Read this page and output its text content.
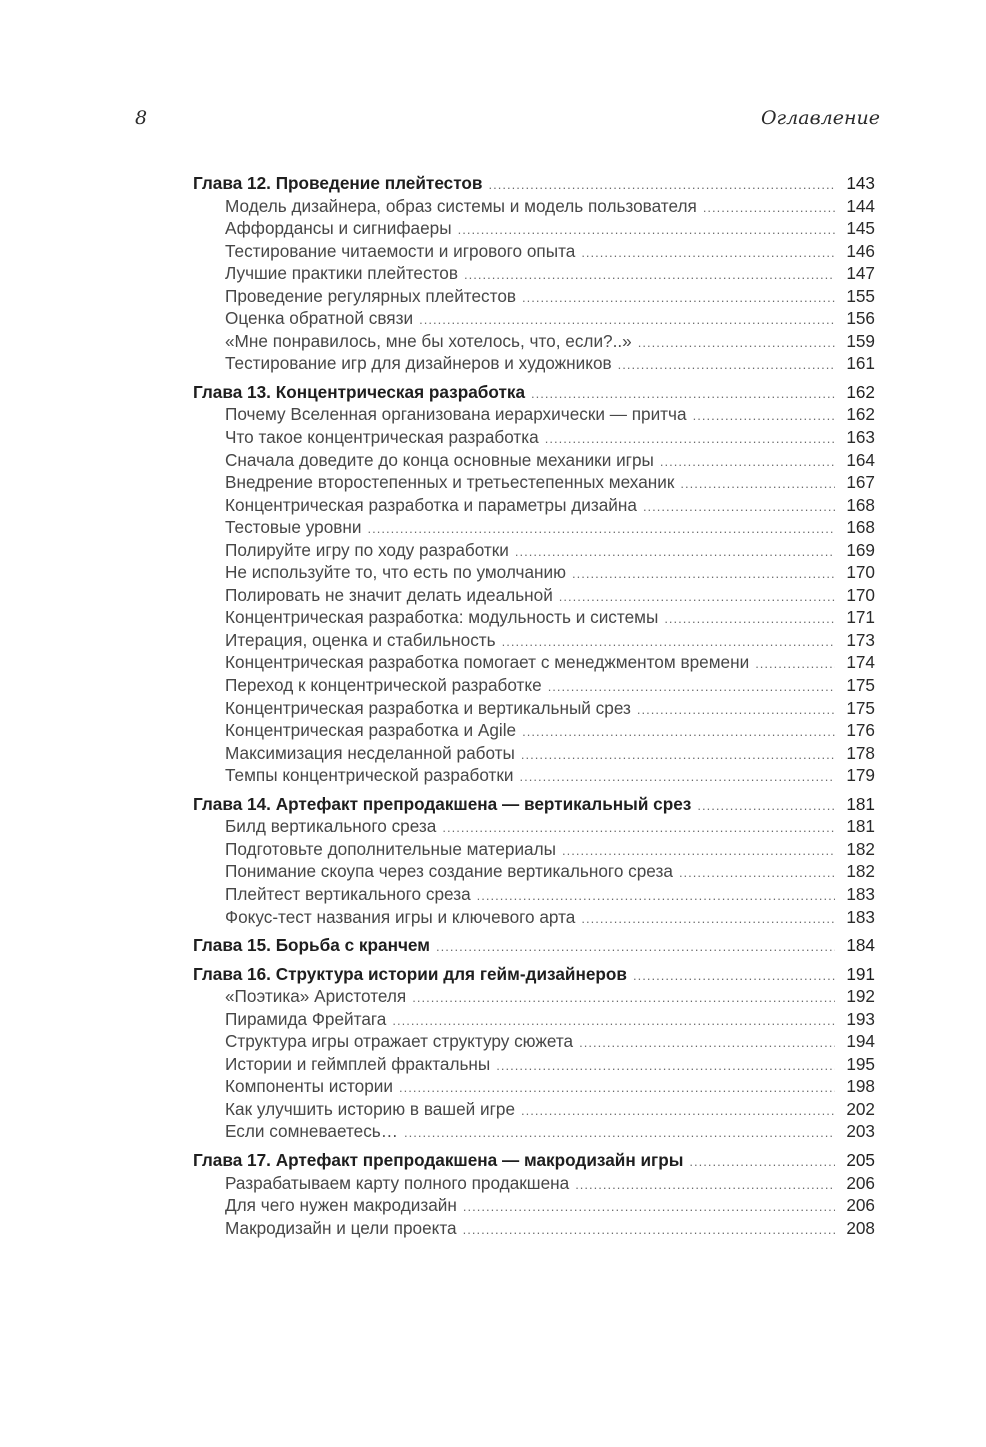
8	Оглавление
Глава 12. Проведение плейтестов . . .	143
Модель дизайнера, образ системы и модель пользователя . . .	144
Аффордансы и сигнифаеры . . .	145
Тестирование читаемости и игрового опыта . . .	146
Лучшие практики плейтестов . . .	147
Проведение регулярных плейтестов . . .	155
Оценка обратной связи . . .	156
«Мне понравилось, мне бы хотелось, что, если?..» . . .	159
Тестирование игр для дизайнеров и художников . . .	161
Глава 13. Концентрическая разработка . . .	162
Почему Вселенная организована иерархически — притча . . .	162
Что такое концентрическая разработка . . .	163
Сначала доведите до конца основные механики игры . . .	164
Внедрение второстепенных и третьестепенных механик . . .	167
Концентрическая разработка и параметры дизайна . . .	168
Тестовые уровни . . .	168
Полируйте игру по ходу разработки . . .	169
Не используйте то, что есть по умолчанию . . .	170
Полировать не значит делать идеальной . . .	170
Концентрическая разработка: модульность и системы . . .	171
Итерация, оценка и стабильность . . .	173
Концентрическая разработка помогает с менеджментом времени . . .	174
Переход к концентрической разработке . . .	175
Концентрическая разработка и вертикальный срез . . .	175
Концентрическая разработка и Agile . . .	176
Максимизация несделанной работы . . .	178
Темпы концентрической разработки . . .	179
Глава 14. Артефакт препродакшена — вертикальный срез . . .	181
Билд вертикального среза . . .	181
Подготовьте дополнительные материалы . . .	182
Понимание скоупа через создание вертикального среза . . .	182
Плейтест вертикального среза . . .	183
Фокус-тест названия игры и ключевого арта . . .	183
Глава 15. Борьба с кранчем . . .	184
Глава 16. Структура истории для гейм-дизайнеров . . .	191
«Поэтика» Аристотеля . . .	192
Пирамида Фрейтага . . .	193
Структура игры отражает структуру сюжета . . .	194
Истории и геймплей фрактальны . . .	195
Компоненты истории . . .	198
Как улучшить историю в вашей игре . . .	202
Если сомневаетесь… . . .	203
Глава 17. Артефакт препродакшена — макродизайн игры . . .	205
Разрабатываем карту полного продакшена . . .	206
Для чего нужен макродизайн . . .	206
Макродизайн и цели проекта . . .	208
